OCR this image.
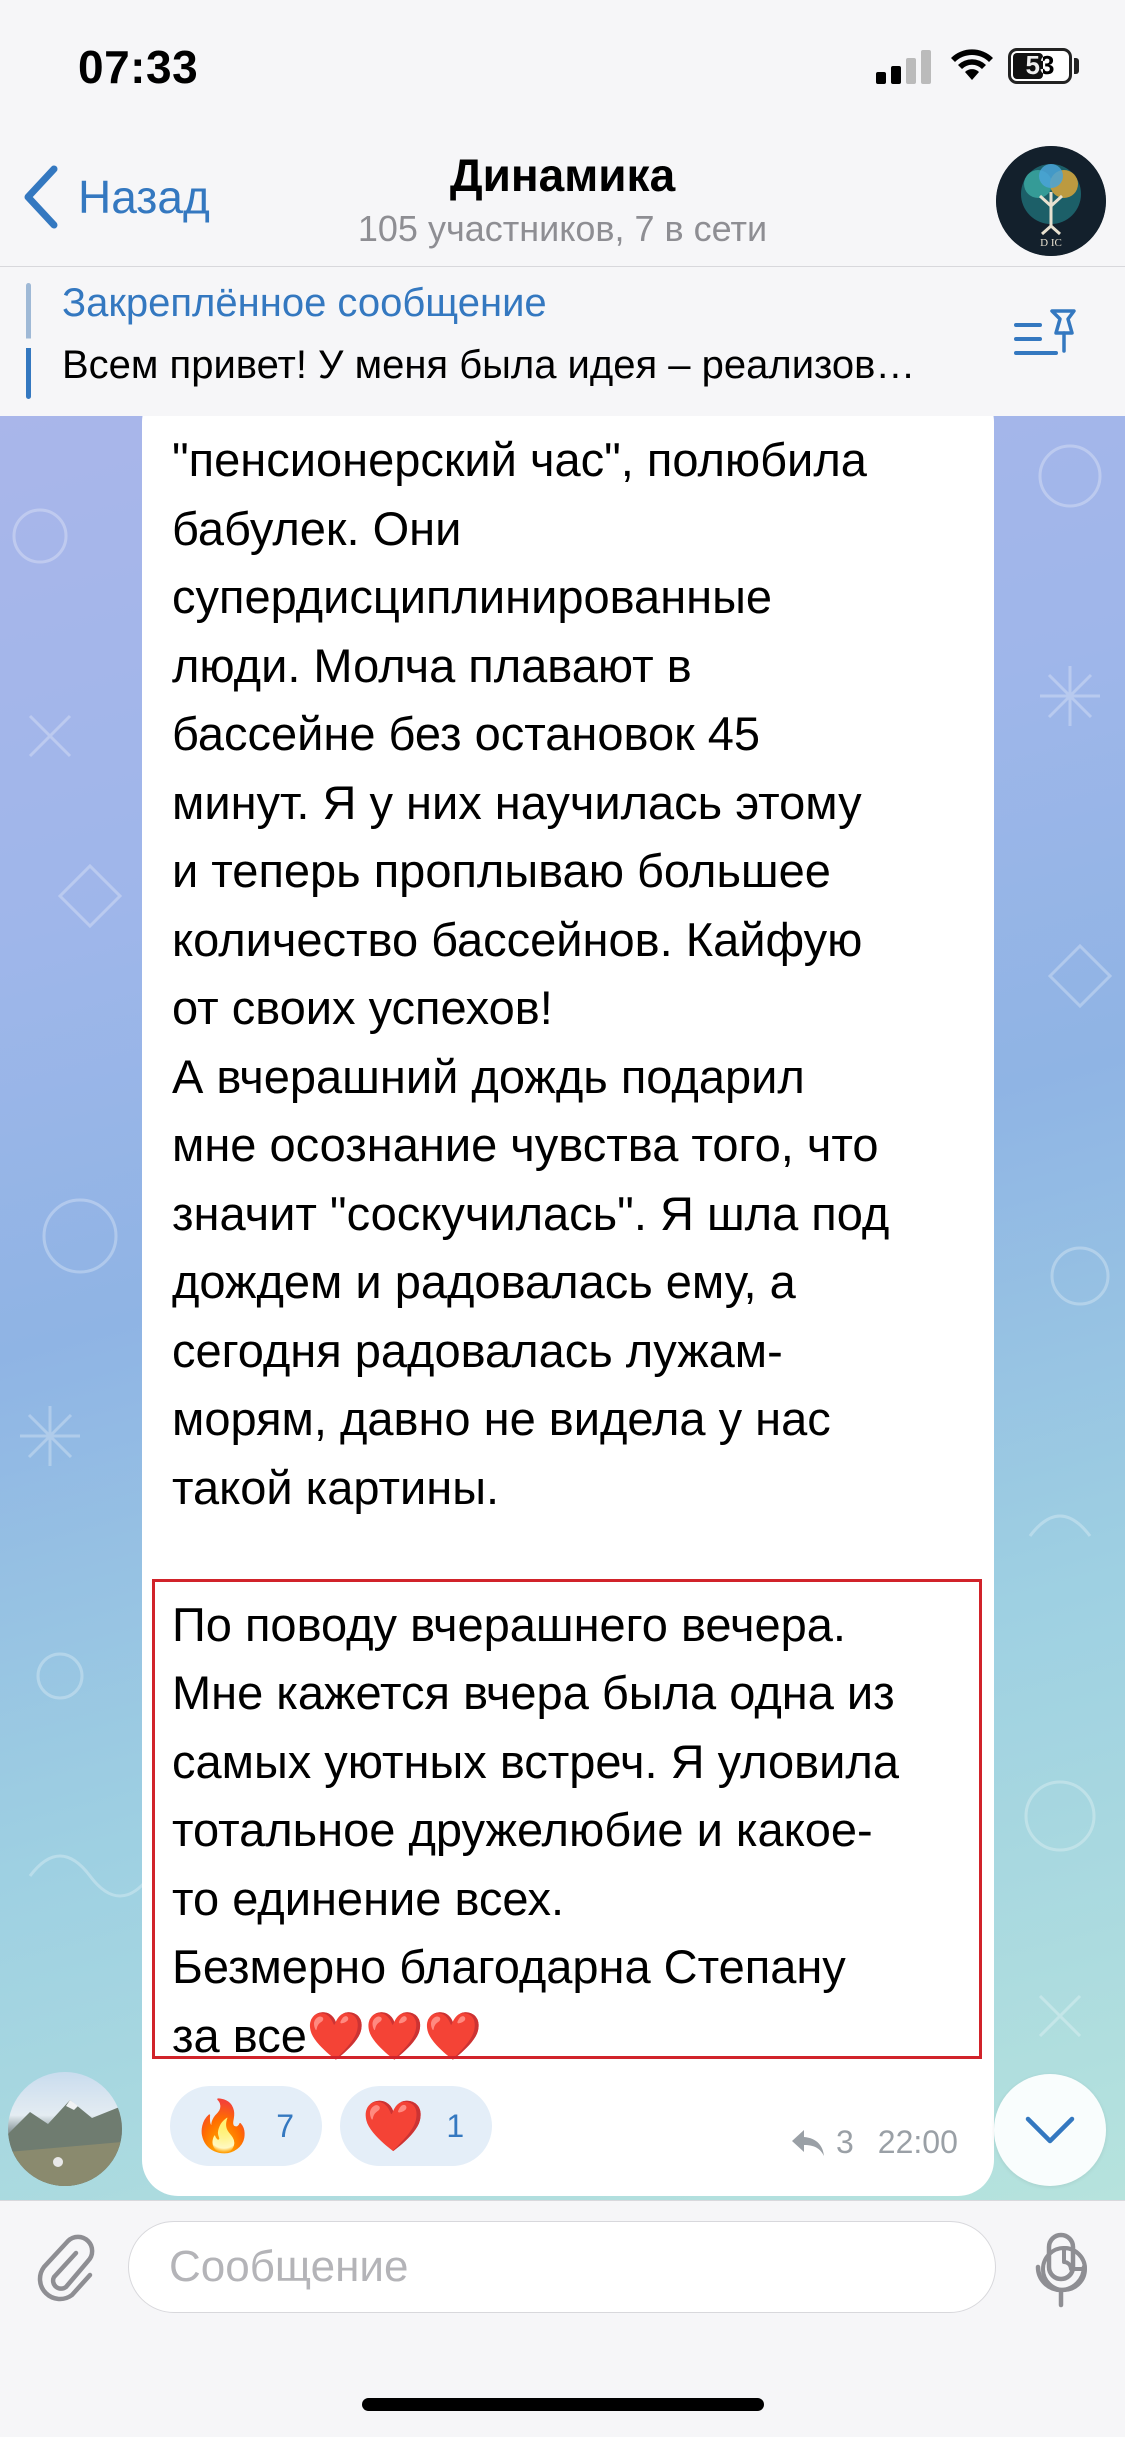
07:33	53
Назад	Динамика
105 участников, 7 в сети	D IC
Закреплённое сообщение
Всем привет! У меня была идея – реализов…

"пенсионерский час", полюбила

бабулек. Они

супердисциплинированные

люди. Молча плавают в

бассейне без остановок 45

минут. Я у них научилась этому

и теперь проплываю большее

количество бассейнов. Кайфую

от своих успехов!

А вчерашний дождь подарил

мне осознание чувства того, что

значит "соскучилась". Я шла под

дождем и радовалась ему, а

сегодня радовалась лужам-

морям, давно не видела у нас

такой картины.

По поводу вчерашнего вечера.

Мне кажется вчера была одна из

самых уютных встреч. Я уловила

тотальное дружелюбие и какое-

то единение всех.

Безмерно благодарна Степану

за все❤️❤️❤️

🔥 7 ❤️ 1	3 22:00
Сообщение
